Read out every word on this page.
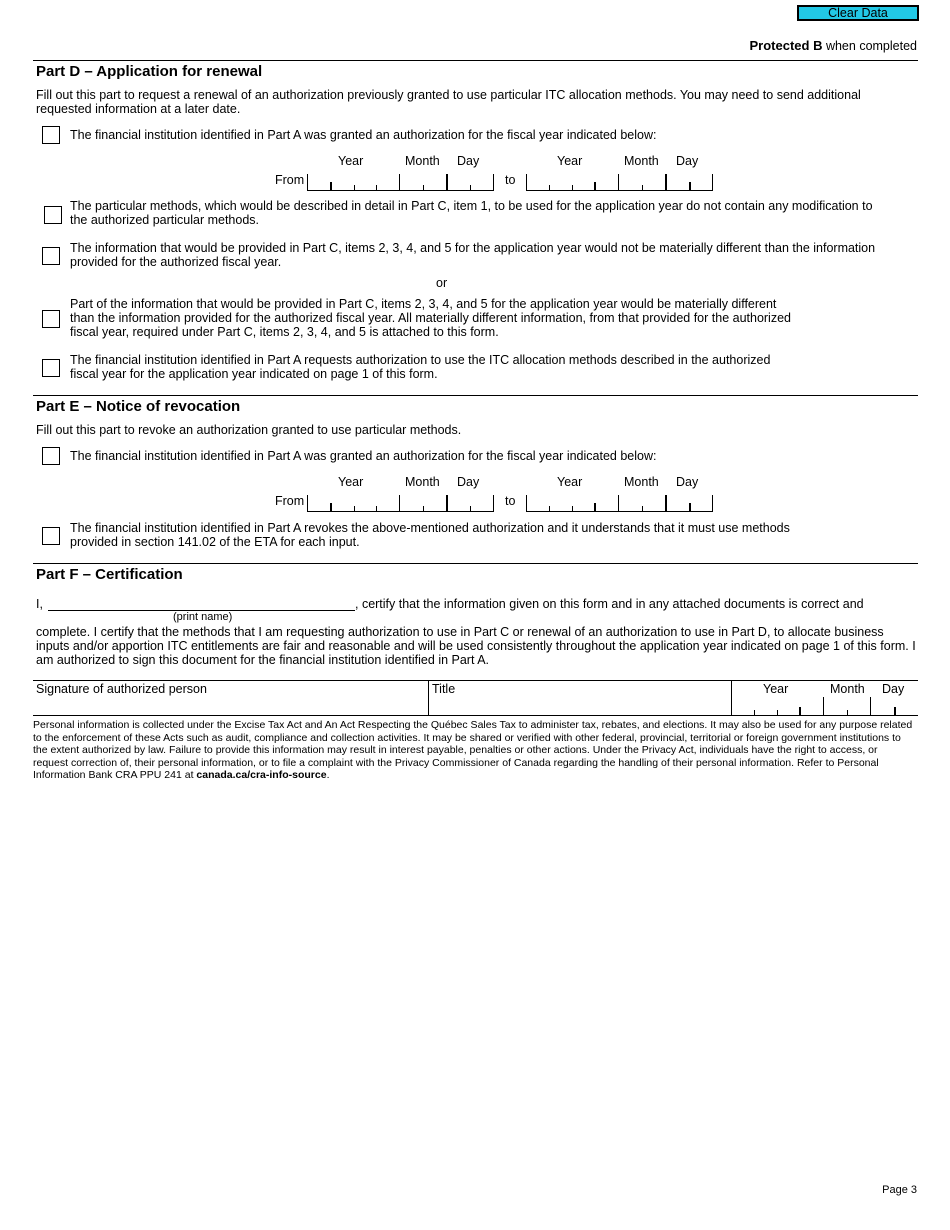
Clear Data
Protected B when completed
Part D – Application for renewal
Fill out this part to request a renewal of an authorization previously granted to use particular ITC allocation methods. You may need to send additional requested information at a later date.
The financial institution identified in Part A was granted an authorization for the fiscal year indicated below:
Year	Month Day	Year	Month Day
From	to
The particular methods, which would be described in detail in Part C, item 1, to be used for the application year do not contain any modification to the authorized particular methods.
The information that would be provided in Part C, items 2, 3, 4, and 5 for the application year would not be materially different than the information provided for the authorized fiscal year.
or
Part of the information that would be provided in Part C, items 2, 3, 4, and 5 for the application year would be materially different than the information provided for the authorized fiscal year. All materially different information, from that provided for the authorized fiscal year, required under Part C, items 2, 3, 4, and 5 is attached to this form.
The financial institution identified in Part A requests authorization to use the ITC allocation methods described in the authorized fiscal year for the application year indicated on page 1 of this form.
Part E – Notice of revocation
Fill out this part to revoke an authorization granted to use particular methods.
The financial institution identified in Part A was granted an authorization for the fiscal year indicated below:
Year	Month Day	Year	Month Day
From	to
The financial institution identified in Part A revokes the above-mentioned authorization and it understands that it must use methods provided in section 141.02 of the ETA for each input.
Part F – Certification
I,	, certify that the information given on this form and in any attached documents is correct and
(print name)
complete. I certify that the methods that I am requesting authorization to use in Part C or renewal of an authorization to use in Part D, to allocate business inputs and/or apportion ITC entitlements are fair and reasonable and will be used consistently throughout the application year indicated on page 1 of this form. I am authorized to sign this document for the financial institution identified in Part A.
Signature of authorized person	Title	Year	Month Day
Personal information is collected under the Excise Tax Act and An Act Respecting the Québec Sales Tax to administer tax, rebates, and elections. It may also be used for any purpose related to the enforcement of these Acts such as audit, compliance and collection activities. It may be shared or verified with other federal, provincial, territorial or foreign government institutions to the extent authorized by law. Failure to provide this information may result in interest payable, penalties or other actions. Under the Privacy Act, individuals have the right to access, or request correction of, their personal information, or to file a complaint with the Privacy Commissioner of Canada regarding the handling of their personal information. Refer to Personal Information Bank CRA PPU 241 at canada.ca/cra-info-source.
Page 3
